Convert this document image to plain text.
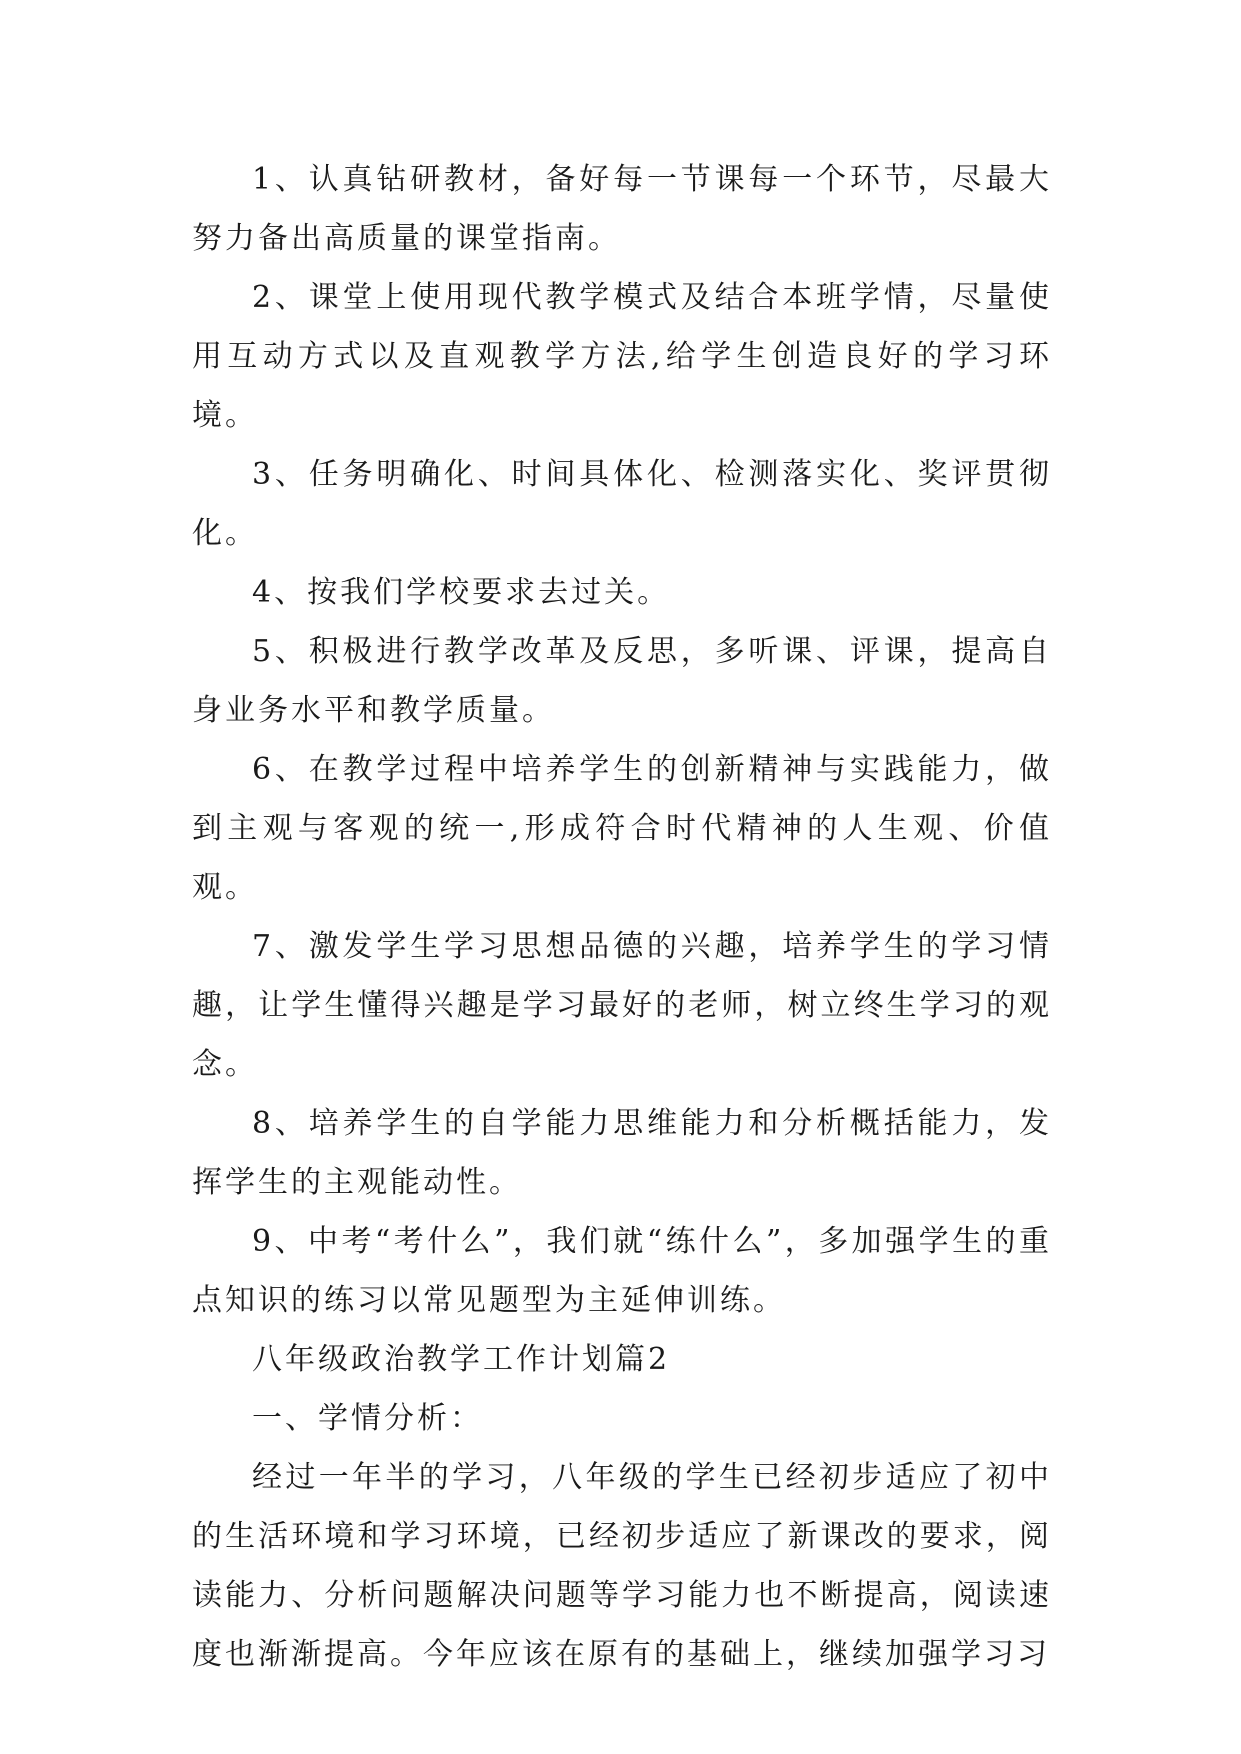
1、认真钻研教材，备好每一节课每一个环节，尽最大努力备出高质量的课堂指南。

2、课堂上使用现代教学模式及结合本班学情，尽量使用互动方式以及直观教学方法,给学生创造良好的学习环境。

3、任务明确化、时间具体化、检测落实化、奖评贯彻化。

4、按我们学校要求去过关。

5、积极进行教学改革及反思，多听课、评课，提高自身业务水平和教学质量。

6、在教学过程中培养学生的创新精神与实践能力，做到主观与客观的统一,形成符合时代精神的人生观、价值观。

7、激发学生学习思想品德的兴趣，培养学生的学习情趣，让学生懂得兴趣是学习最好的老师，树立终生学习的观念。

8、培养学生的自学能力思维能力和分析概括能力，发挥学生的主观能动性。

9、中考“考什么”，我们就“练什么”，多加强学生的重点知识的练习以常见题型为主延伸训练。

八年级政治教学工作计划篇2

一、学情分析：

经过一年半的学习，八年级的学生已经初步适应了初中的生活环境和学习环境，已经初步适应了新课改的要求，阅读能力、分析问题解决问题等学习能力也不断提高，阅读速度也渐渐提高。今年应该在原有的基础上，继续加强学习习
